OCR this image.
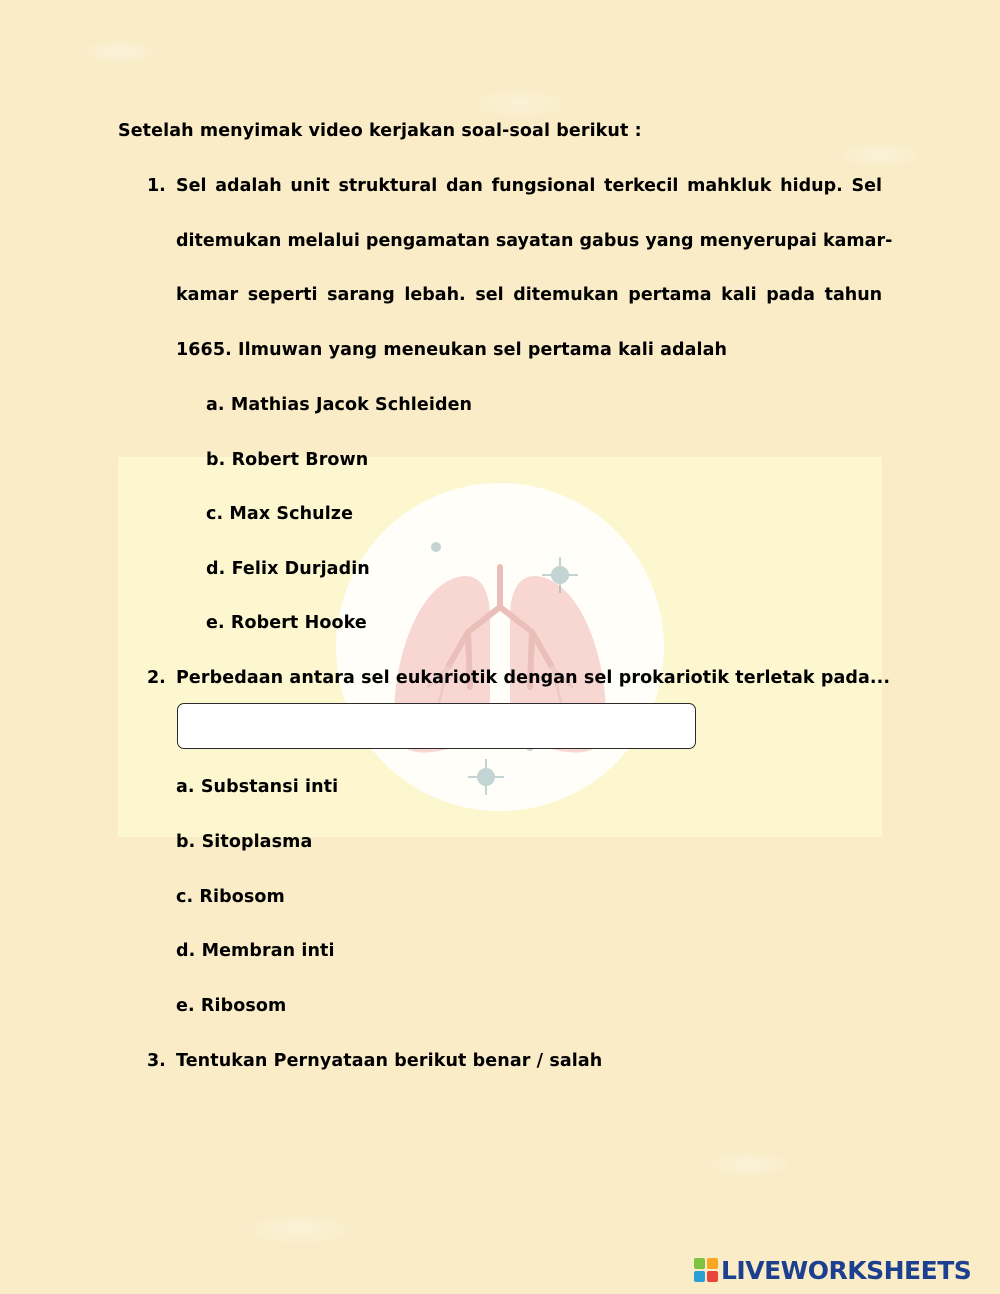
Setelah menyimak video kerjakan soal-soal berikut :
1. Sel adalah unit struktural dan fungsional terkecil mahkluk hidup. Sel
ditemukan melalui pengamatan sayatan gabus yang menyerupai kamar-
kamar seperti sarang lebah. sel ditemukan pertama kali pada tahun
1665. Ilmuwan yang meneukan sel pertama kali adalah
a. Mathias Jacok Schleiden
b. Robert Brown
c. Max Schulze
d. Felix Durjadin
e. Robert Hooke
2. Perbedaan antara sel eukariotik dengan sel prokariotik terletak pada...
a. Substansi inti
b. Sitoplasma
c. Ribosom
d. Membran inti
e. Ribosom
3. Tentukan Pernyataan berikut benar / salah
LIVEWORKSHEETS
